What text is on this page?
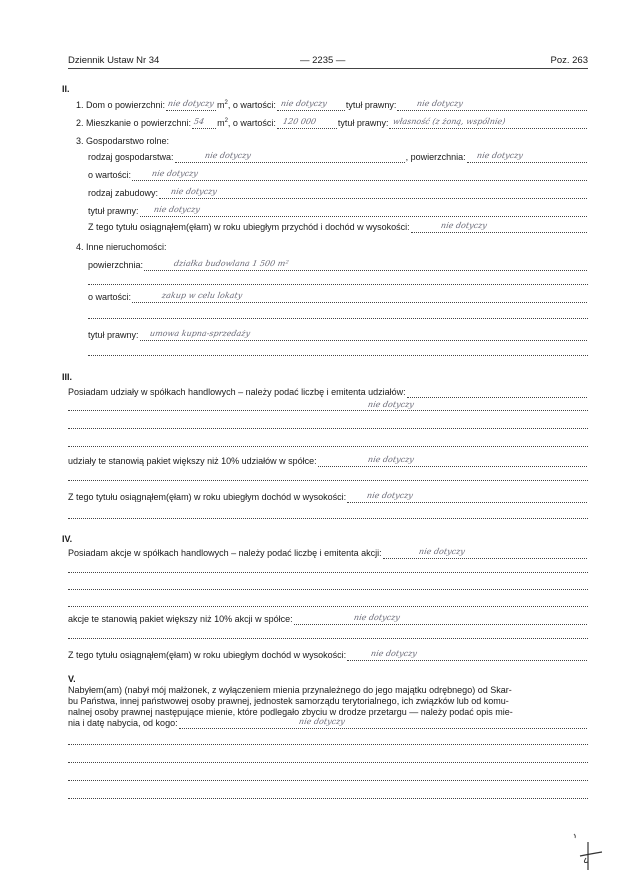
Dziennik Ustaw Nr 34	— 2235 —	Poz. 263
II.
1. Dom o powierzchni: nie dotyczy $m^2$ , o wartości: nie dotyczy tytuł prawny:	nie dotyczy
2. Mieszkanie o powierzchni: 54 $m^2$ , o wartości: 120 000 tytuł prawny: własność (z żoną, wspólnie)
3. Gospodarstwo rolne:
rodzaj gospodarstwa:	nie dotyczy	, powierzchnia: nie dotyczy
o wartości:	nie dotyczy
rodzaj zabudowy: nie dotyczy
tytuł prawny: nie dotyczy
Z tego tytułu osiągnąłem(ęłam) w roku ubiegłym przychód i dochód w wysokości:	nie dotyczy
4. Inne nieruchomości:
powierzchnia:	działka budowlana 1 500 m²
o wartości:	zakup w celu lokaty
tytuł prawny: umowa kupna-sprzedaży
III.
Posiadam udziały w spółkach handlowych – należy podać liczbę i emitenta udziałów:
nie dotyczy
udziały te stanowią pakiet większy niż 10% udziałów w spółce:	nie dotyczy
Z tego tytułu osiągnąłem(ęłam) w roku ubiegłym dochód w wysokości:	nie dotyczy
IV.
Posiadam akcje w spółkach handlowych – należy podać liczbę i emitenta akcji:	nie dotyczy
akcje te stanowią pakiet większy niż 10% akcji w spółce:	nie dotyczy
Z tego tytułu osiągnąłem(ęłam) w roku ubiegłym dochód w wysokości:	nie dotyczy
V.
Nabyłem(am) (nabył mój małżonek, z wyłączeniem mienia przynależnego do jego majątku odrębnego) od Skar-
bu Państwa, innej państwowej osoby prawnej, jednostek samorządu terytorialnego, ich związków lub od komu-
nalnej osoby prawnej następujące mienie, które podlegało zbyciu w drodze przetargu — należy podać opis mie-
nia i datę nabycia, od kogo:	nie dotyczy
